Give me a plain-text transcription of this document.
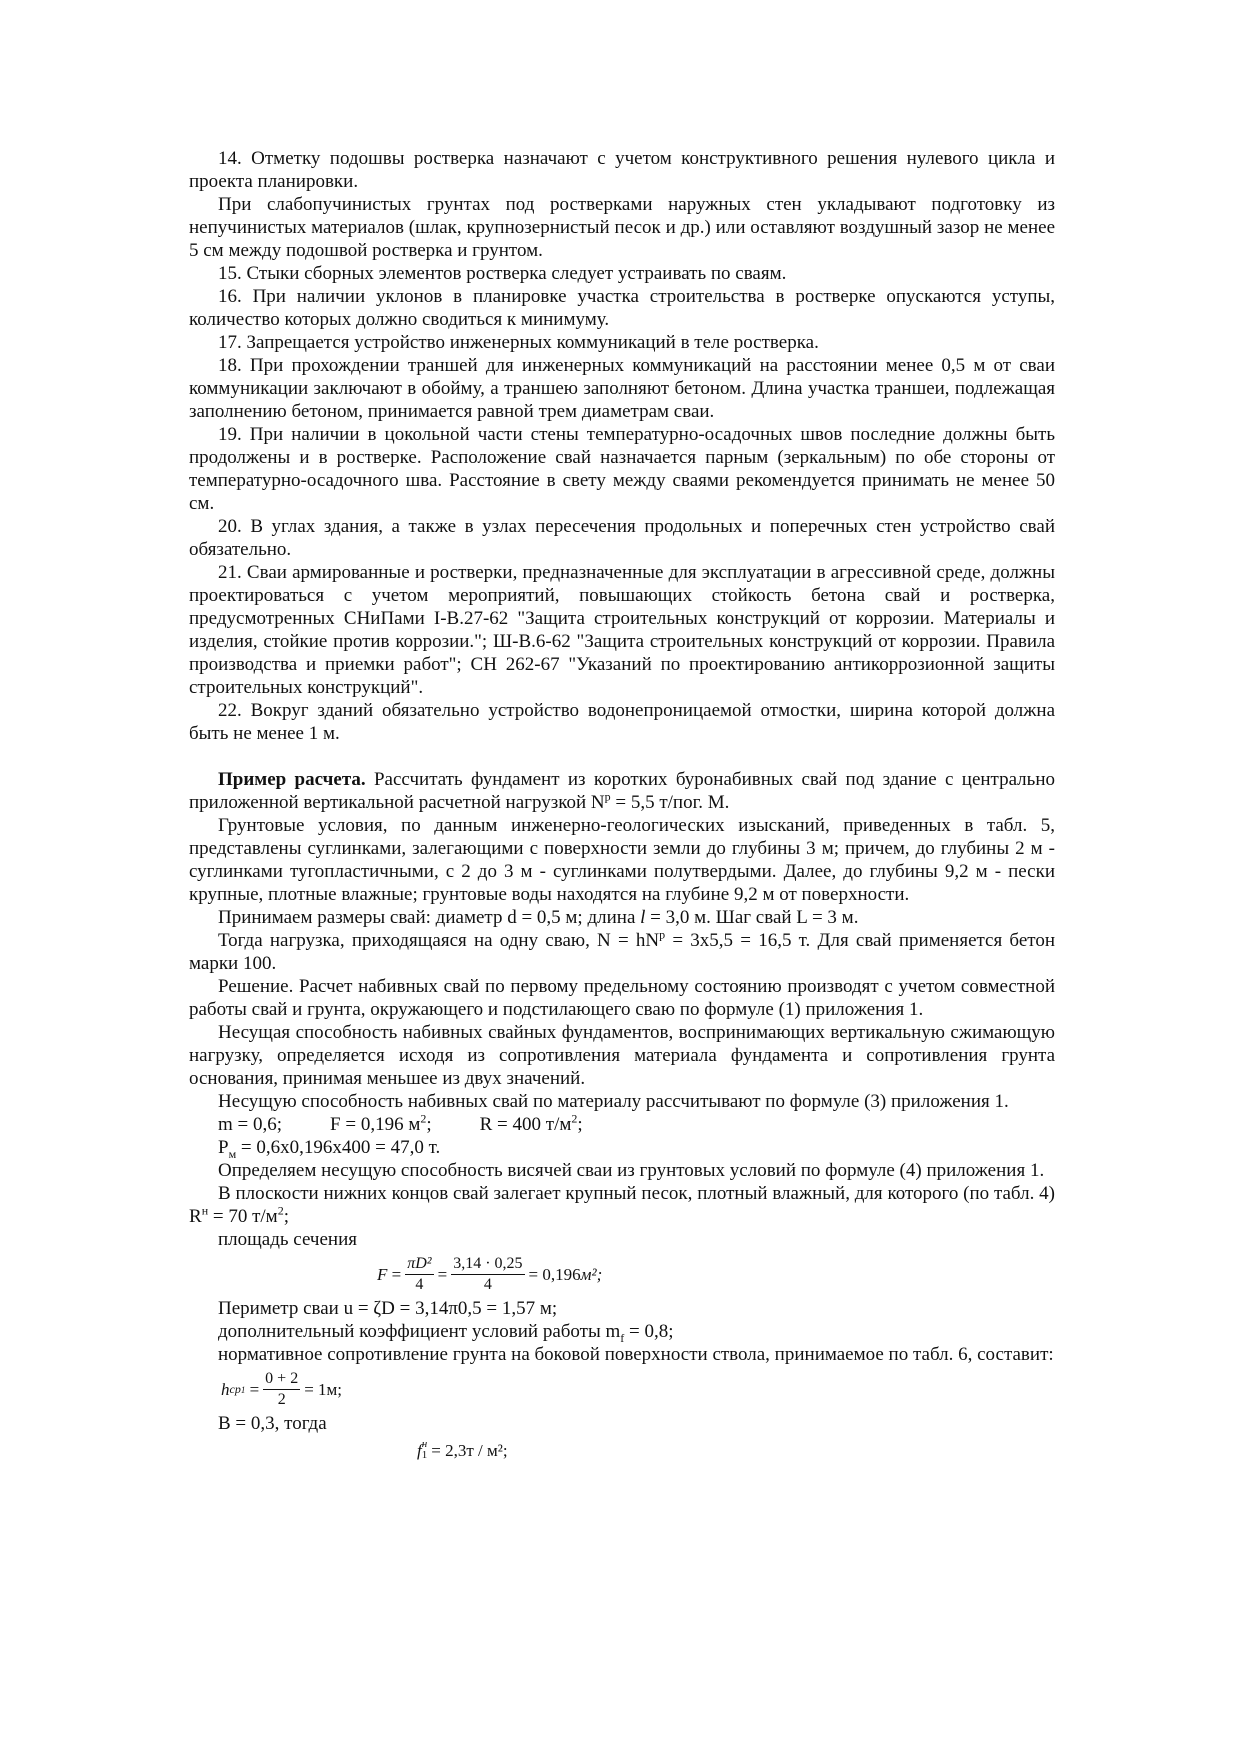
14. Отметку подошвы ростверка назначают с учетом конструктивного решения нулевого цикла и проекта планировки.

При слабопучинистых грунтах под ростверками наружных стен укладывают подготовку из непучинистых материалов (шлак, крупнозернистый песок и др.) или оставляют воздушный зазор не менее 5 см между подошвой ростверка и грунтом.

15. Стыки сборных элементов ростверка следует устраивать по сваям.

16. При наличии уклонов в планировке участка строительства в ростверке опускаются уступы, количество которых должно сводиться к минимуму.

17. Запрещается устройство инженерных коммуникаций в теле ростверка.

18. При прохождении траншей для инженерных коммуникаций на расстоянии менее 0,5 м от сваи коммуникации заключают в обойму, а траншею заполняют бетоном. Длина участка траншеи, подлежащая заполнению бетоном, принимается равной трем диаметрам сваи.

19. При наличии в цокольной части стены температурно-осадочных швов последние должны быть продолжены и в ростверке. Расположение свай назначается парным (зеркальным) по обе стороны от температурно-осадочного шва. Расстояние в свету между сваями рекомендуется принимать не менее 50 см.

20. В углах здания, а также в узлах пересечения продольных и поперечных стен устройство свай обязательно.

21. Сваи армированные и ростверки, предназначенные для эксплуатации в агрессивной среде, должны проектироваться с учетом мероприятий, повышающих стойкость бетона свай и ростверка, предусмотренных СНиПами I-В.27-62 "Защита строительных конструкций от коррозии. Материалы и изделия, стойкие против коррозии."; Ш-В.6-62 "Защита строительных конструкций от коррозии. Правила производства и приемки работ"; СН 262-67 "Указаний по проектированию антикоррозионной защиты строительных конструкций".

22. Вокруг зданий обязательно устройство водонепроницаемой отмостки, ширина которой должна быть не менее 1 м.

Пример расчета. Рассчитать фундамент из коротких буронабивных свай под здание с центрально приложенной вертикальной расчетной нагрузкой $N^р = 5,5$ т/пог. М.

Грунтовые условия, по данным инженерно-геологических изысканий, приведенных в табл. 5, представлены суглинками, залегающими с поверхности земли до глубины 3 м; причем, до глубины 2 м - суглинками тугопластичными, с 2 до 3 м - суглинками полутвердыми. Далее, до глубины 9,2 м - пески крупные, плотные влажные; грунтовые воды находятся на глубине 9,2 м от поверхности.

Принимаем размеры свай: диаметр d = 0,5 м; длина l = 3,0 м. Шаг свай L = 3 м.

Тогда нагрузка, приходящаяся на одну сваю, $N = hN^р = 3х5,5 = 16,5$ т. Для свай применяется бетон марки 100.

Решение. Расчет набивных свай по первому предельному состоянию производят с учетом совместной работы свай и грунта, окружающего и подстилающего сваю по формуле (1) приложения 1.

Несущая способность набивных свайных фундаментов, воспринимающих вертикальную сжимающую нагрузку, определяется исходя из сопротивления материала фундамента и сопротивления грунта основания, принимая меньшее из двух значений.

Несущую способность набивных свай по материалу рассчитывают по формуле (3) приложения 1.

m = 0,6;	F = 0,196 $м^2$;	R = 400 $т/м^2$;

$P_м = 0,6х0,196х400 = 47,0$ т.

Определяем несущую способность висячей сваи из грунтовых условий по формуле (4) приложения 1.

В плоскости нижних концов свай залегает крупный песок, плотный влажный, для которого (по табл. 4) $R^н = 70$ $т/м^2$;

площадь сечения

F
= $\frac{\text{πD²}}{4} = \frac{3,14 \cdot 0,25}{4}$ =
0,196 м²;

Периметр сваи u = ζD = 3,14π0,5 = 1,57 м;

дополнительный коэффициент условий работы $m_f = 0,8$;

нормативное сопротивление грунта на боковой поверхности ствола, принимаемое по табл. 6, составит:

h ср1
= $\frac{0 + 2}{2} = 1м$;

В = 0,3, тогда

f н
1 = 2,3т / м²;
